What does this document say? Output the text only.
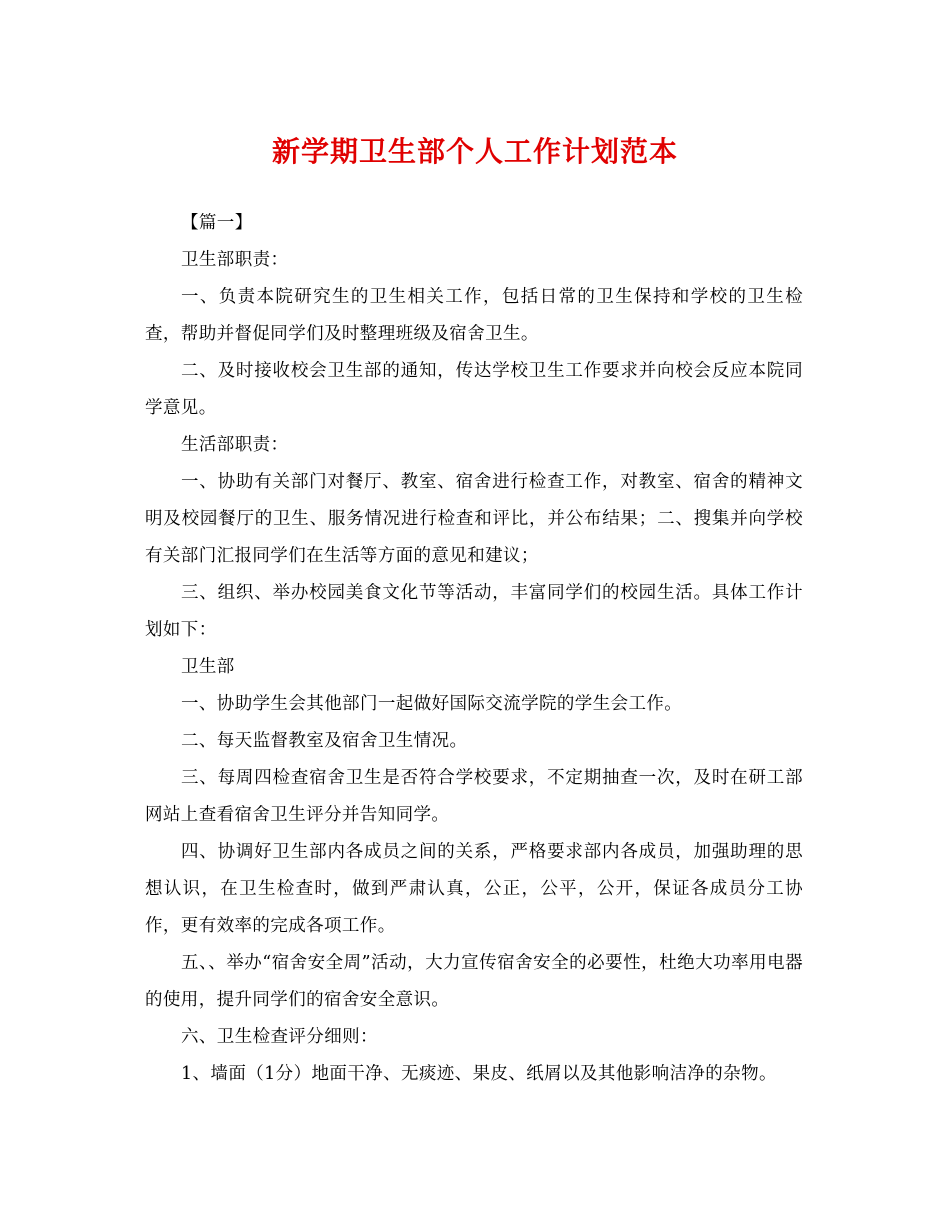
新学期卫生部个人工作计划范本

【篇一】

卫生部职责：

一、负责本院研究生的卫生相关工作，包括日常的卫生保持和学校的卫生检查，帮助并督促同学们及时整理班级及宿舍卫生。

二、及时接收校会卫生部的通知，传达学校卫生工作要求并向校会反应本院同学意见。

生活部职责：

一、协助有关部门对餐厅、教室、宿舍进行检查工作，对教室、宿舍的精神文明及校园餐厅的卫生、服务情况进行检查和评比，并公布结果；二、搜集并向学校有关部门汇报同学们在生活等方面的意见和建议；

三、组织、举办校园美食文化节等活动，丰富同学们的校园生活。具体工作计划如下：

卫生部

一、协助学生会其他部门一起做好国际交流学院的学生会工作。

二、每天监督教室及宿舍卫生情况。

三、每周四检查宿舍卫生是否符合学校要求，不定期抽查一次，及时在研工部网站上查看宿舍卫生评分并告知同学。

四、协调好卫生部内各成员之间的关系，严格要求部内各成员，加强助理的思想认识，在卫生检查时，做到严肃认真，公正，公平，公开，保证各成员分工协作，更有效率的完成各项工作。

五、、举办“宿舍安全周”活动，大力宣传宿舍安全的必要性，杜绝大功率用电器的使用，提升同学们的宿舍安全意识。

六、卫生检查评分细则：

1、墙面（1分）地面干净、无痰迹、果皮、纸屑以及其他影响洁净的杂物。
